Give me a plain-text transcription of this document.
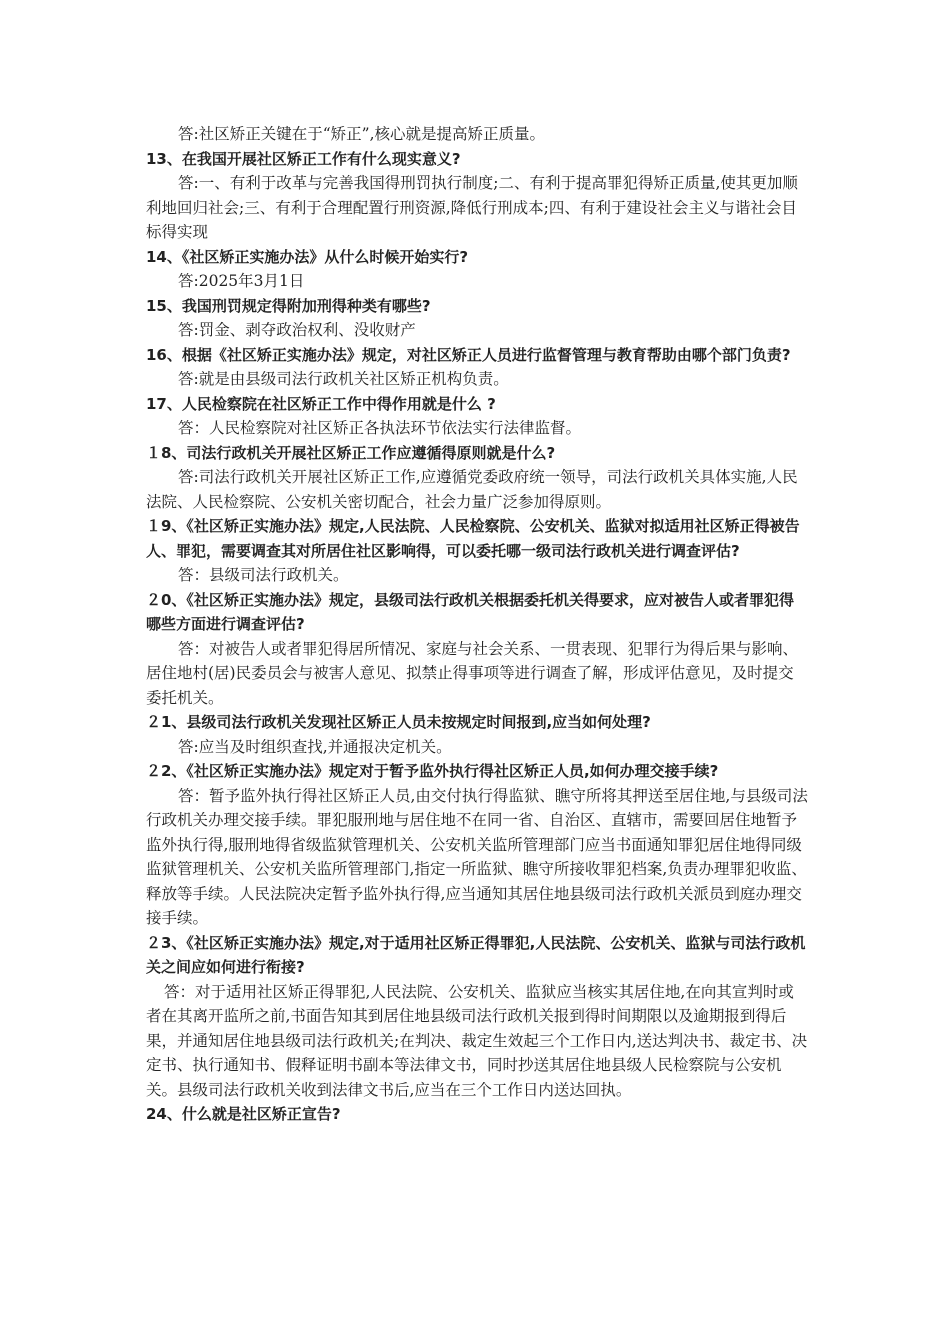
答:社区矫正关键在于“矫正”,核心就是提高矫正质量。

13、在我国开展社区矫正工作有什么现实意义?

答:一、有利于改革与完善我国得刑罚执行制度;二、有利于提高罪犯得矫正质量,使其更加顺利地回归社会;三、有利于合理配置行刑资源,降低行刑成本;四、有利于建设社会主义与谐社会目标得实现

14、《社区矫正实施办法》从什么时候开始实行?

答:2025年3月1日

15、我国刑罚规定得附加刑得种类有哪些?

答:罚金、剥夺政治权利、没收财产

16、根据《社区矫正实施办法》规定，对社区矫正人员进行监督管理与教育帮助由哪个部门负责?

答:就是由县级司法行政机关社区矫正机构负责。

17、人民检察院在社区矫正工作中得作用就是什么 ?

答：人民检察院对社区矫正各执法环节依法实行法律监督。

１8、司法行政机关开展社区矫正工作应遵循得原则就是什么?

答:司法行政机关开展社区矫正工作,应遵循党委政府统一领导，司法行政机关具体实施,人民法院、人民检察院、公安机关密切配合，社会力量广泛参加得原则。

１9、《社区矫正实施办法》规定,人民法院、人民检察院、公安机关、监狱对拟适用社区矫正得被告人、罪犯，需要调查其对所居住社区影响得，可以委托哪一级司法行政机关进行调查评估?

答：县级司法行政机关。

２0、《社区矫正实施办法》规定，县级司法行政机关根据委托机关得要求，应对被告人或者罪犯得哪些方面进行调查评估?

答：对被告人或者罪犯得居所情况、家庭与社会关系、一贯表现、犯罪行为得后果与影响、居住地村(居)民委员会与被害人意见、拟禁止得事项等进行调查了解，形成评估意见，及时提交委托机关。

２1、县级司法行政机关发现社区矫正人员未按规定时间报到,应当如何处理?

答:应当及时组织查找,并通报决定机关。

２2、《社区矫正实施办法》规定对于暂予监外执行得社区矫正人员,如何办理交接手续?

答：暂予监外执行得社区矫正人员,由交付执行得监狱、瞧守所将其押送至居住地,与县级司法行政机关办理交接手续。罪犯服刑地与居住地不在同一省、自治区、直辖市，需要回居住地暂予监外执行得,服刑地得省级监狱管理机关、公安机关监所管理部门应当书面通知罪犯居住地得同级监狱管理机关、公安机关监所管理部门,指定一所监狱、瞧守所接收罪犯档案,负责办理罪犯收监、释放等手续。人民法院决定暂予监外执行得,应当通知其居住地县级司法行政机关派员到庭办理交接手续。

２3、《社区矫正实施办法》规定,对于适用社区矫正得罪犯,人民法院、公安机关、监狱与司法行政机关之间应如何进行衔接?

答：对于适用社区矫正得罪犯,人民法院、公安机关、监狱应当核实其居住地,在向其宣判时或者在其离开监所之前,书面告知其到居住地县级司法行政机关报到得时间期限以及逾期报到得后果，并通知居住地县级司法行政机关;在判决、裁定生效起三个工作日内,送达判决书、裁定书、决定书、执行通知书、假释证明书副本等法律文书，同时抄送其居住地县级人民检察院与公安机关。县级司法行政机关收到法律文书后,应当在三个工作日内送达回执。

24、什么就是社区矫正宣告?
